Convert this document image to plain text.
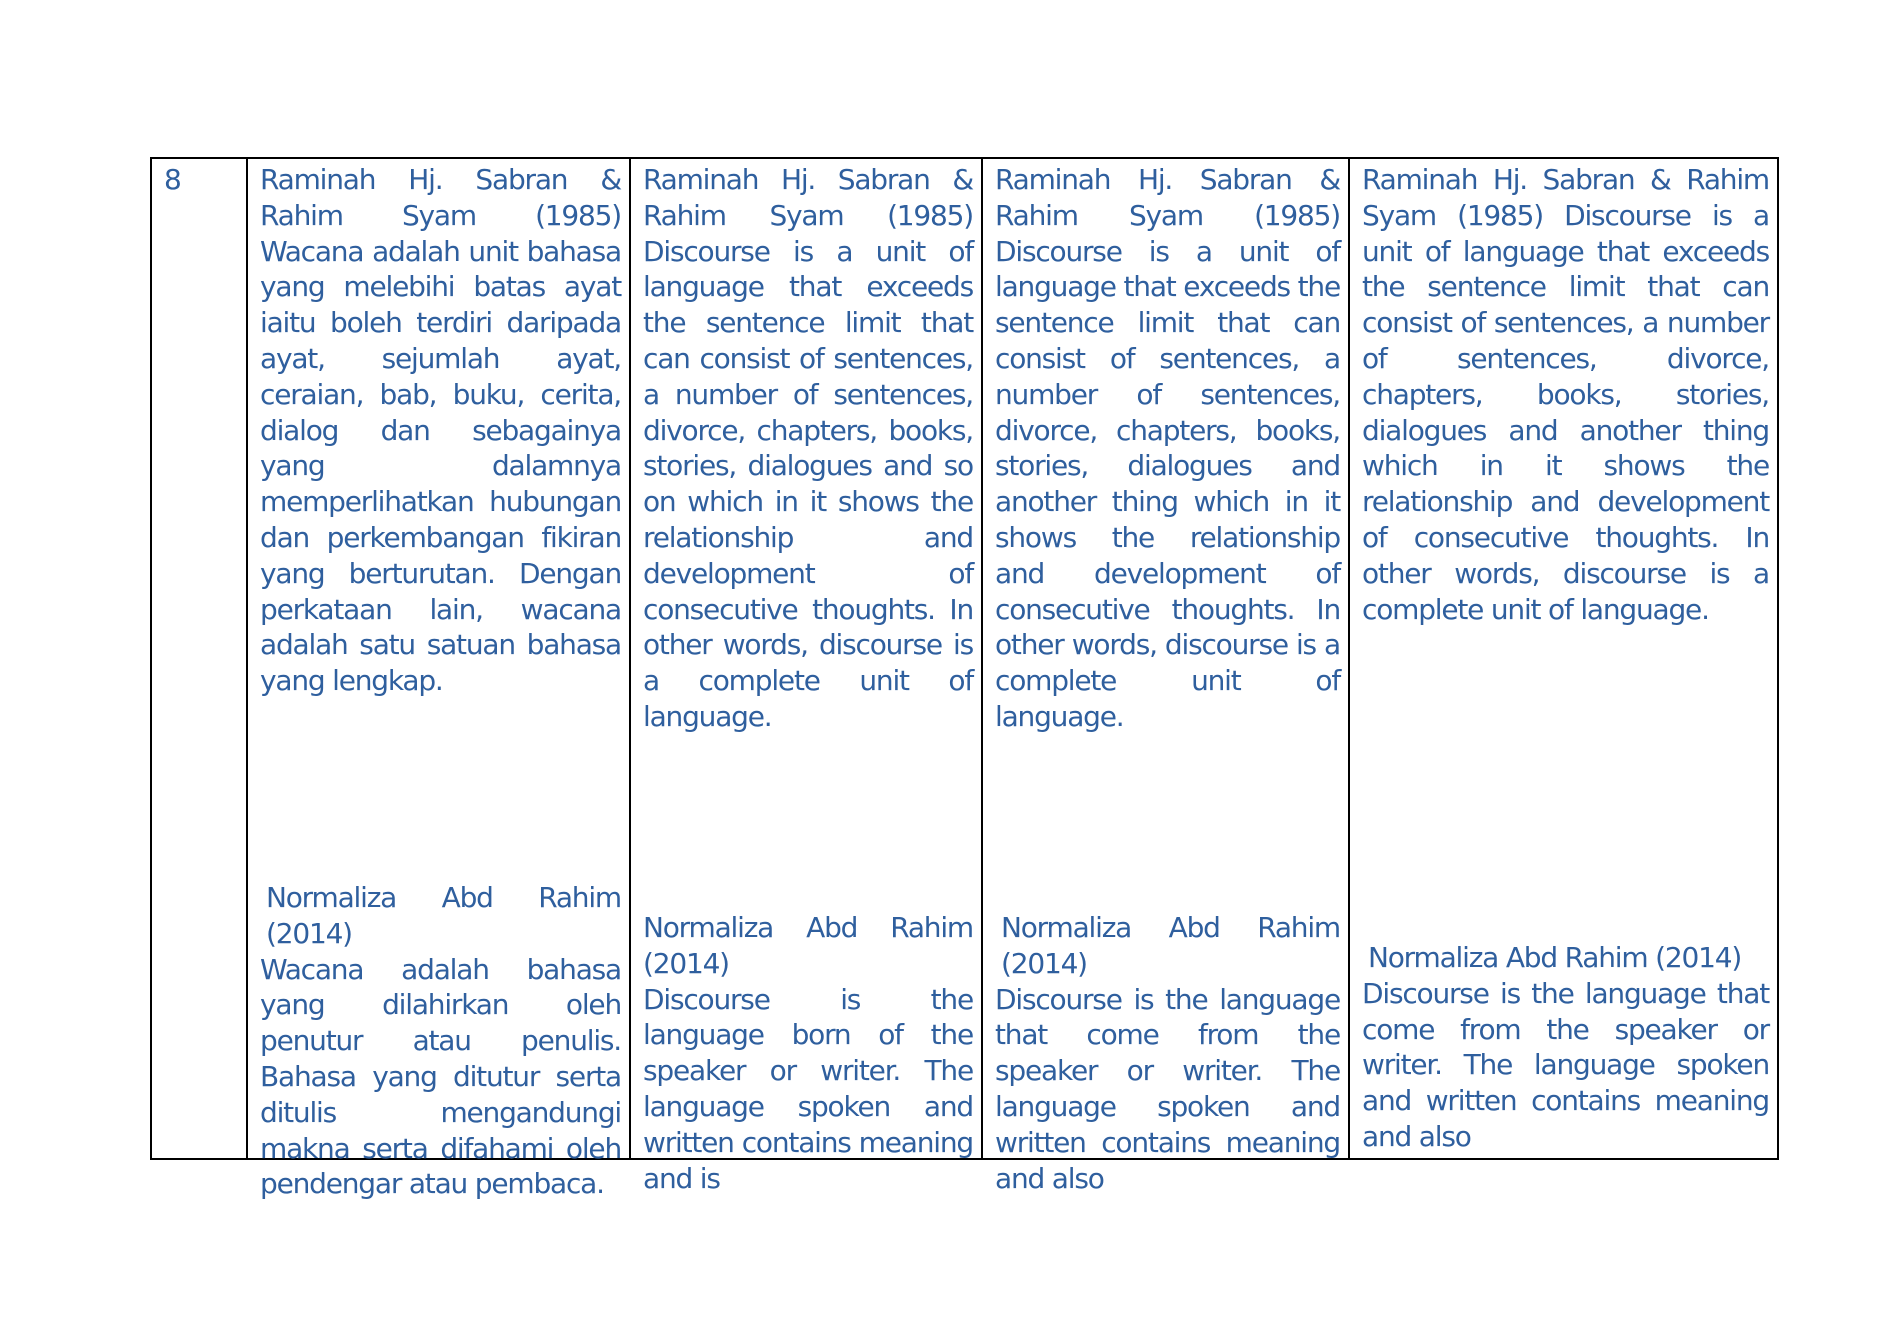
8	Raminah Hj. Sabran & Rahim Syam (1985) Wacana adalah unit bahasa yang melebihi batas ayat iaitu boleh terdiri daripada ayat, sejumlah ayat, ceraian, bab, buku, cerita, dialog dan sebagainya yang dalamnya memperlihatkan hubungan dan perkembangan fikiran yang berturutan. Dengan perkataan lain, wacana adalah satu satuan bahasa yang lengkap.
Normaliza Abd Rahim (2014)
Wacana adalah bahasa yang dilahirkan oleh penutur atau penulis. Bahasa yang ditutur serta ditulis mengandungi makna serta difahami oleh pendengar atau pembaca.

Raminah Hj. Sabran & Rahim Syam (1985) Discourse is a unit of language that exceeds the sentence limit that can consist of sentences, a number of sentences, divorce, chapters, books, stories, dialogues and so on which in it shows the relationship and development of consecutive thoughts. In other words, discourse is a complete unit of language.
Normaliza Abd Rahim (2014)
Discourse is the language born of the speaker or writer. The language spoken and written contains meaning and is

Raminah Hj. Sabran & Rahim Syam (1985) Discourse is a unit of language that exceeds the sentence limit that can consist of sentences, a number of sentences, divorce, chapters, books, stories, dialogues and another thing which in it shows the relationship and development of consecutive thoughts. In other words, discourse is a complete unit of language.
Normaliza Abd Rahim (2014)
Discourse is the language that come from the speaker or writer. The language spoken and written contains meaning and also

Raminah Hj. Sabran & Rahim Syam (1985) Discourse is a unit of language that exceeds the sentence limit that can consist of sentences, a number of sentences, divorce, chapters, books, stories, dialogues and another thing which in it shows the relationship and development of consecutive thoughts. In other words, discourse is a complete unit of language.
Normaliza Abd Rahim (2014)
Discourse is the language that come from the speaker or writer. The language spoken and written contains meaning and also
